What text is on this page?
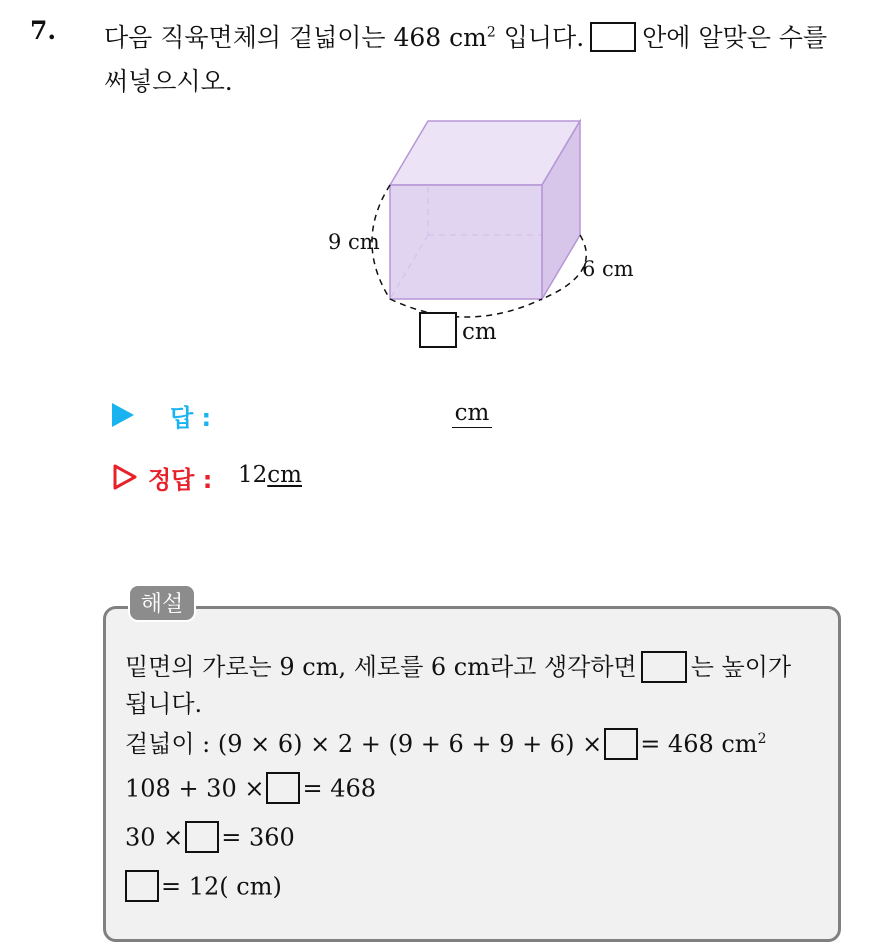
7. 다음 직육면체의 겉넓이는 468 $cm^2$ 입니다. 안에 알맞은 수를
써넣으시오.
9 cm
6 cm
cm
답 :	cm
정답 : 12cm
해설
밑면의 가로는 9 cm, 세로를 6 cm라고 생각하면 는 높이가
됩니다.
겉넓이 : (9 × 6) × 2 + (9 + 6 + 9 + 6) × = 468 $cm^2$
108 + 30 × = 468
30 × = 360
= 12( cm)
